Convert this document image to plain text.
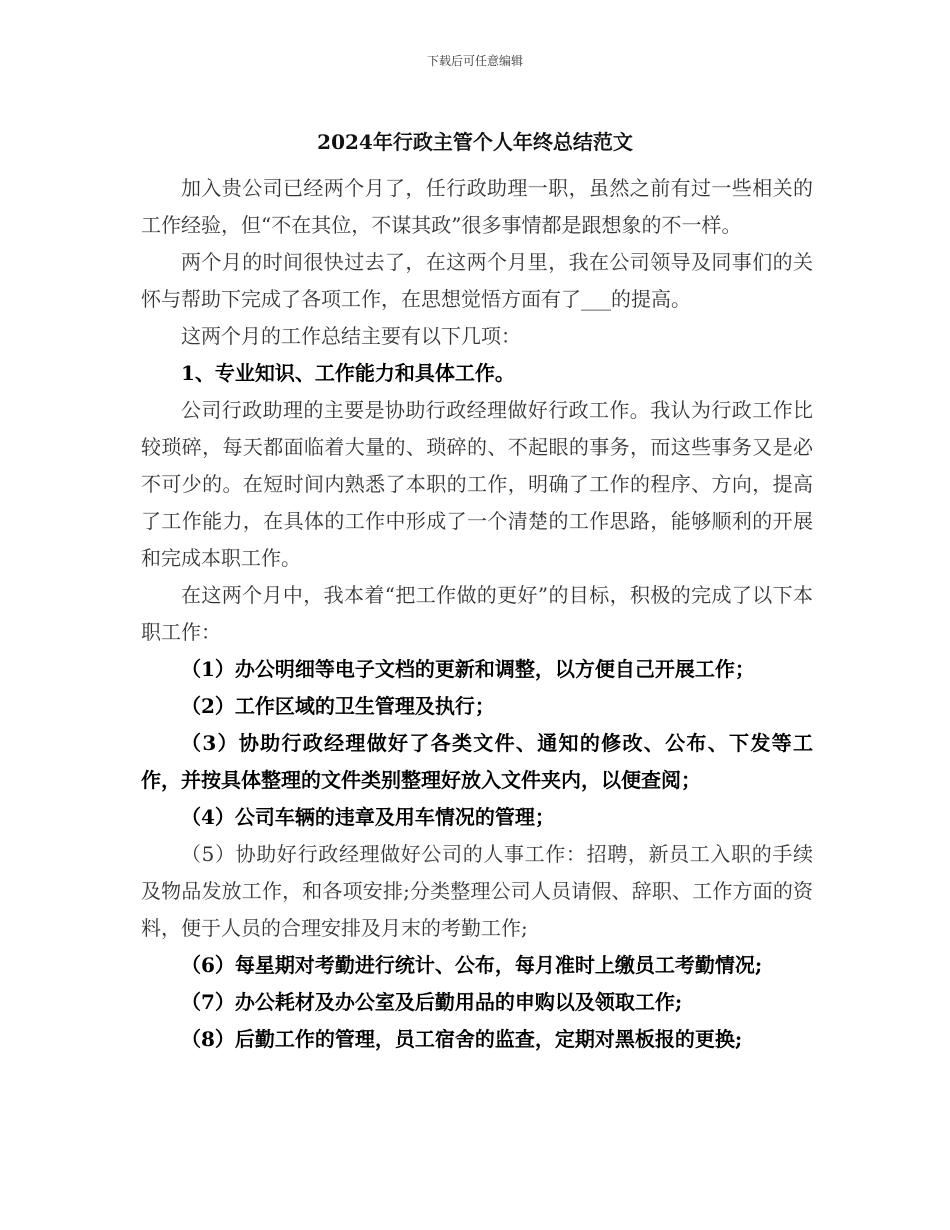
下载后可任意编辑
2024年行政主管个人年终总结范文

加入贵公司已经两个月了，任行政助理一职，虽然之前有过一些相关的工作经验，但“不在其位，不谋其政”很多事情都是跟想象的不一样。

两个月的时间很快过去了，在这两个月里，我在公司领导及同事们的关怀与帮助下完成了各项工作，在思想觉悟方面有了___的提高。

这两个月的工作总结主要有以下几项：

1、专业知识、工作能力和具体工作。

公司行政助理的主要是协助行政经理做好行政工作。我认为行政工作比较琐碎，每天都面临着大量的、琐碎的、不起眼的事务，而这些事务又是必不可少的。在短时间内熟悉了本职的工作，明确了工作的程序、方向，提高了工作能力，在具体的工作中形成了一个清楚的工作思路，能够顺利的开展和完成本职工作。

在这两个月中，我本着“把工作做的更好”的目标，积极的完成了以下本职工作：

（1）办公明细等电子文档的更新和调整，以方便自己开展工作；

（2）工作区域的卫生管理及执行；

（3）协助行政经理做好了各类文件、通知的修改、公布、下发等工作，并按具体整理的文件类别整理好放入文件夹内，以便查阅；

（4）公司车辆的违章及用车情况的管理；

（5）协助好行政经理做好公司的人事工作：招聘，新员工入职的手续及物品发放工作，和各项安排;分类整理公司人员请假、辞职、工作方面的资料，便于人员的合理安排及月末的考勤工作;

（6）每星期对考勤进行统计、公布，每月准时上缴员工考勤情况;

（7）办公耗材及办公室及后勤用品的申购以及领取工作;

（8）后勤工作的管理，员工宿舍的监查，定期对黑板报的更换;
